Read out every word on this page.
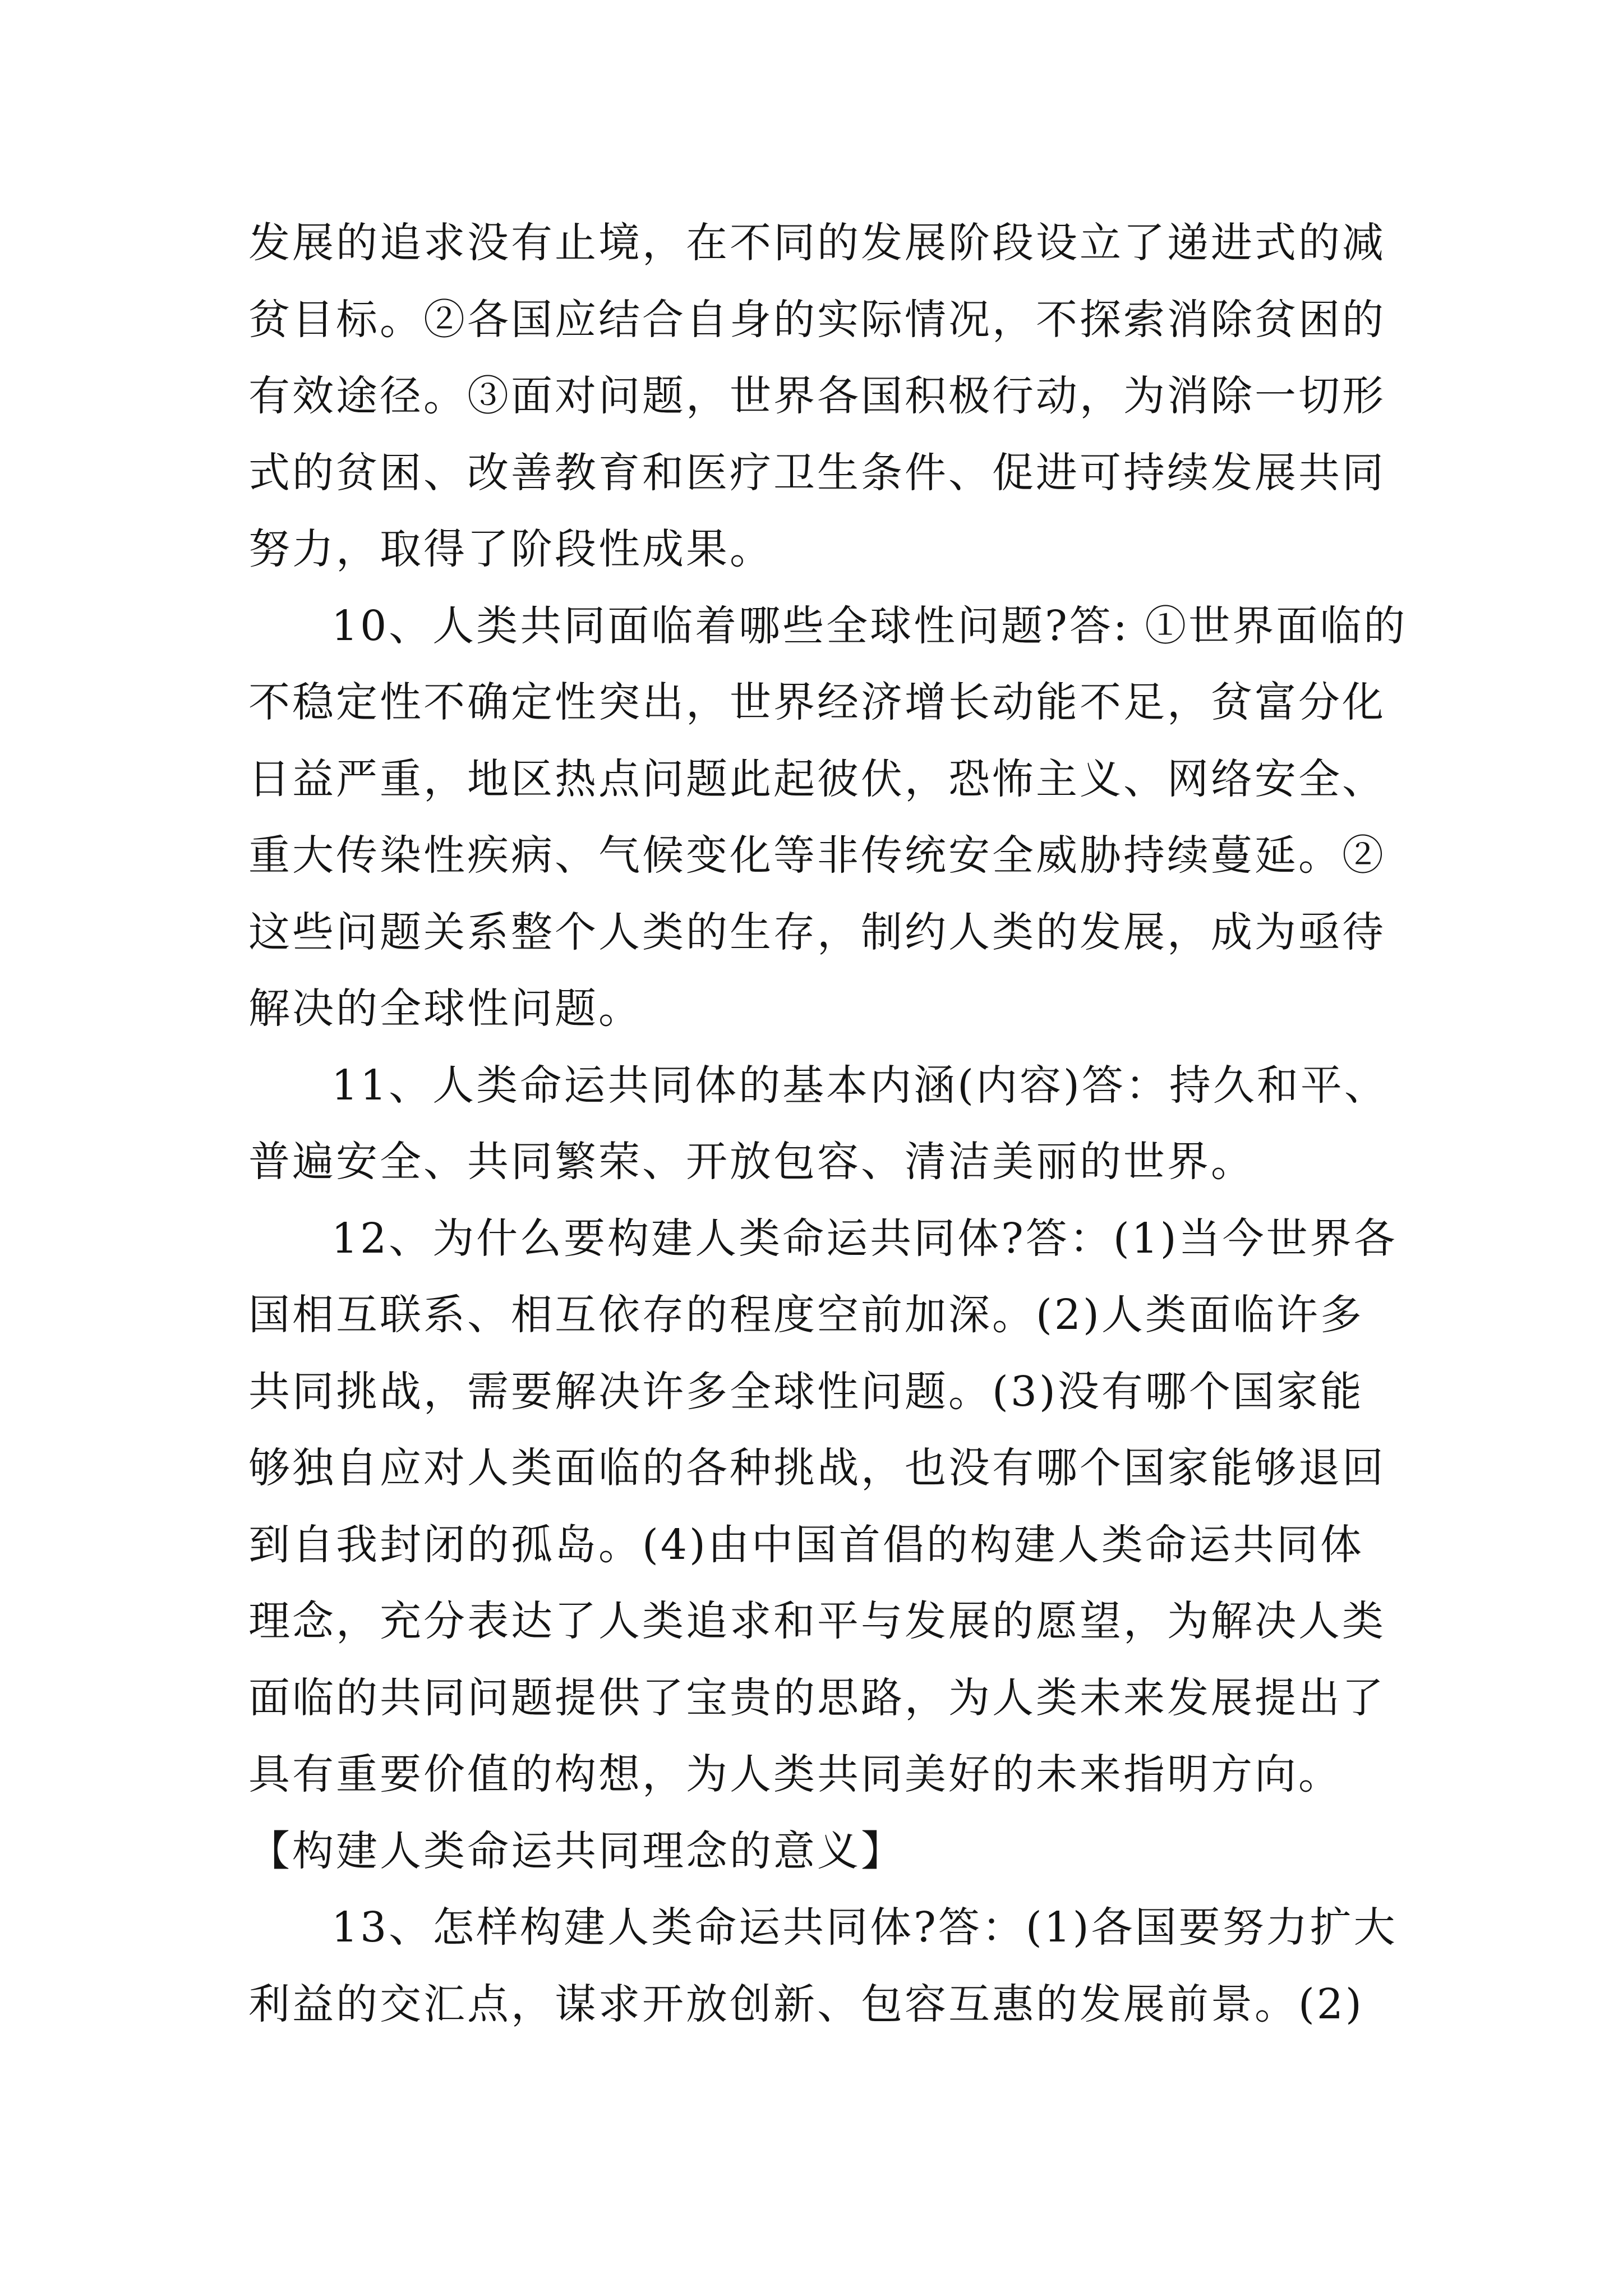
发展的追求没有止境，在不同的发展阶段设立了递进式的减
贫目标。②各国应结合自身的实际情况，不探索消除贫困的
有效途径。③面对问题，世界各国积极行动，为消除一切形
式的贫困、改善教育和医疗卫生条件、促进可持续发展共同
努力，取得了阶段性成果。
10、人类共同面临着哪些全球性问题?答: ①世界面临的
不稳定性不确定性突出，世界经济增长动能不足，贫富分化
日益严重，地区热点问题此起彼伏，恐怖主义、网络安全、
重大传染性疾病、气候变化等非传统安全威胁持续蔓延。②
这些问题关系整个人类的生存，制约人类的发展，成为亟待
解决的全球性问题。
11、人类命运共同体的基本内涵(内容)答：持久和平、
普遍安全、共同繁荣、开放包容、清洁美丽的世界。
12、为什么要构建人类命运共同体?答：(1)当今世界各
国相互联系、相互依存的程度空前加深。(2)人类面临许多
共同挑战，需要解决许多全球性问题。(3)没有哪个国家能
够独自应对人类面临的各种挑战，也没有哪个国家能够退回
到自我封闭的孤岛。(4)由中国首倡的构建人类命运共同体
理念，充分表达了人类追求和平与发展的愿望，为解决人类
面临的共同问题提供了宝贵的思路，为人类未来发展提出了
具有重要价值的构想，为人类共同美好的未来指明方向。
【构建人类命运共同理念的意义】
13、怎样构建人类命运共同体?答：(1)各国要努力扩大
利益的交汇点，谋求开放创新、包容互惠的发展前景。(2)
